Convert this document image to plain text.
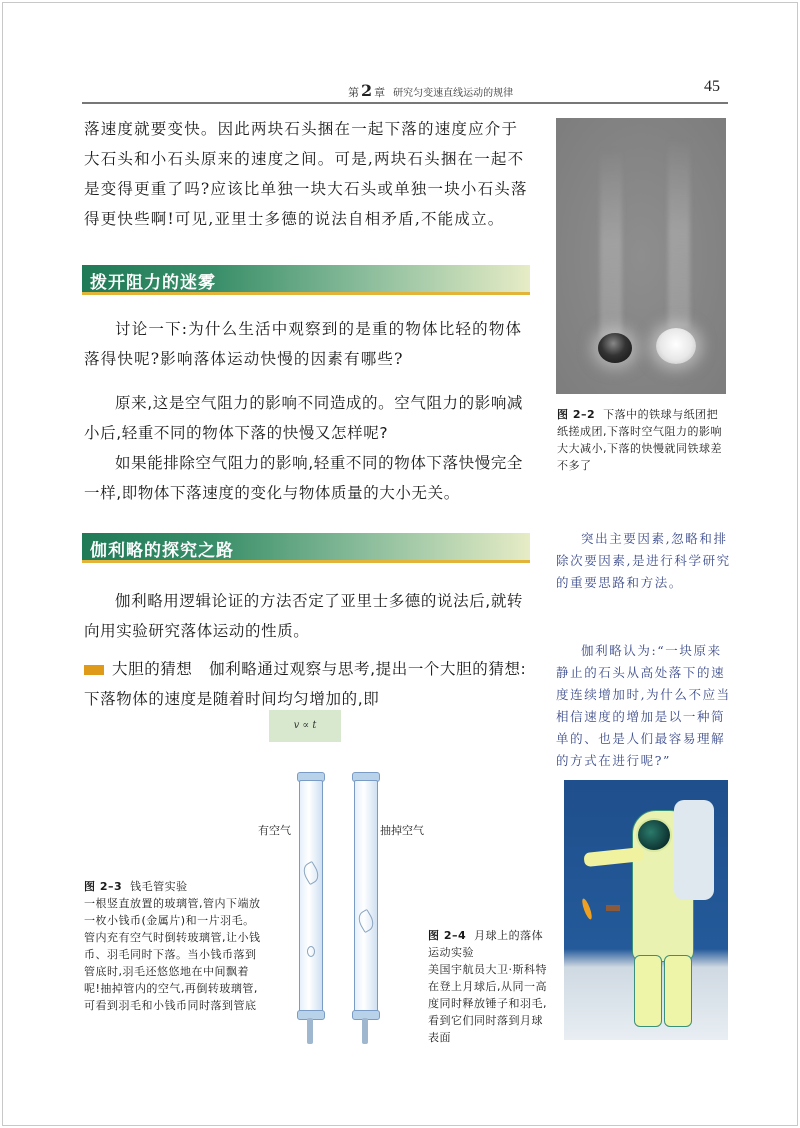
第 2 章 研究匀变速直线运动的规律	45

落速度就要变快。因此两块石头捆在一起下落的速度应介于大石头和小石头原来的速度之间。可是,两块石头捆在一起不是变得更重了吗?应该比单独一块大石头或单独一块小石头落得更快些啊!可见,亚里士多德的说法自相矛盾,不能成立。

拨开阻力的迷雾

讨论一下:为什么生活中观察到的是重的物体比轻的物体落得快呢?影响落体运动快慢的因素有哪些?

原来,这是空气阻力的影响不同造成的。空气阻力的影响减小后,轻重不同的物体下落的快慢又怎样呢?

如果能排除空气阻力的影响,轻重不同的物体下落快慢完全一样,即物体下落速度的变化与物体质量的大小无关。

图 2–2 下落中的铁球与纸团把纸搓成团,下落时空气阻力的影响大大减小,下落的快慢就同铁球差不多了
伽利略的探究之路

伽利略用逻辑论证的方法否定了亚里士多德的说法后,就转向用实验研究落体运动的性质。

大胆的猜想 伽利略通过观察与思考,提出一个大胆的猜想:下落物体的速度是随着时间均匀增加的,即

v ∝ t

突出主要因素,忽略和排除次要因素,是进行科学研究的重要思路和方法。

伽利略认为:“一块原来静止的石头从高处落下的速度连续增加时,为什么不应当相信速度的增加是以一种简单的、也是人们最容易理解的方式在进行呢?”

有空气	抽掉空气
图 2–3 钱毛管实验
一根竖直放置的玻璃管,管内下端放一枚小钱币(金属片)和一片羽毛。管内充有空气时倒转玻璃管,让小钱币、羽毛同时下落。当小钱币落到管底时,羽毛还悠悠地在中间飘着呢!抽掉管内的空气,再倒转玻璃管,可看到羽毛和小钱币同时落到管底
图 2–4 月球上的落体运动实验
美国宇航员大卫·斯科特在登上月球后,从同一高度同时释放锤子和羽毛,看到它们同时落到月球表面
